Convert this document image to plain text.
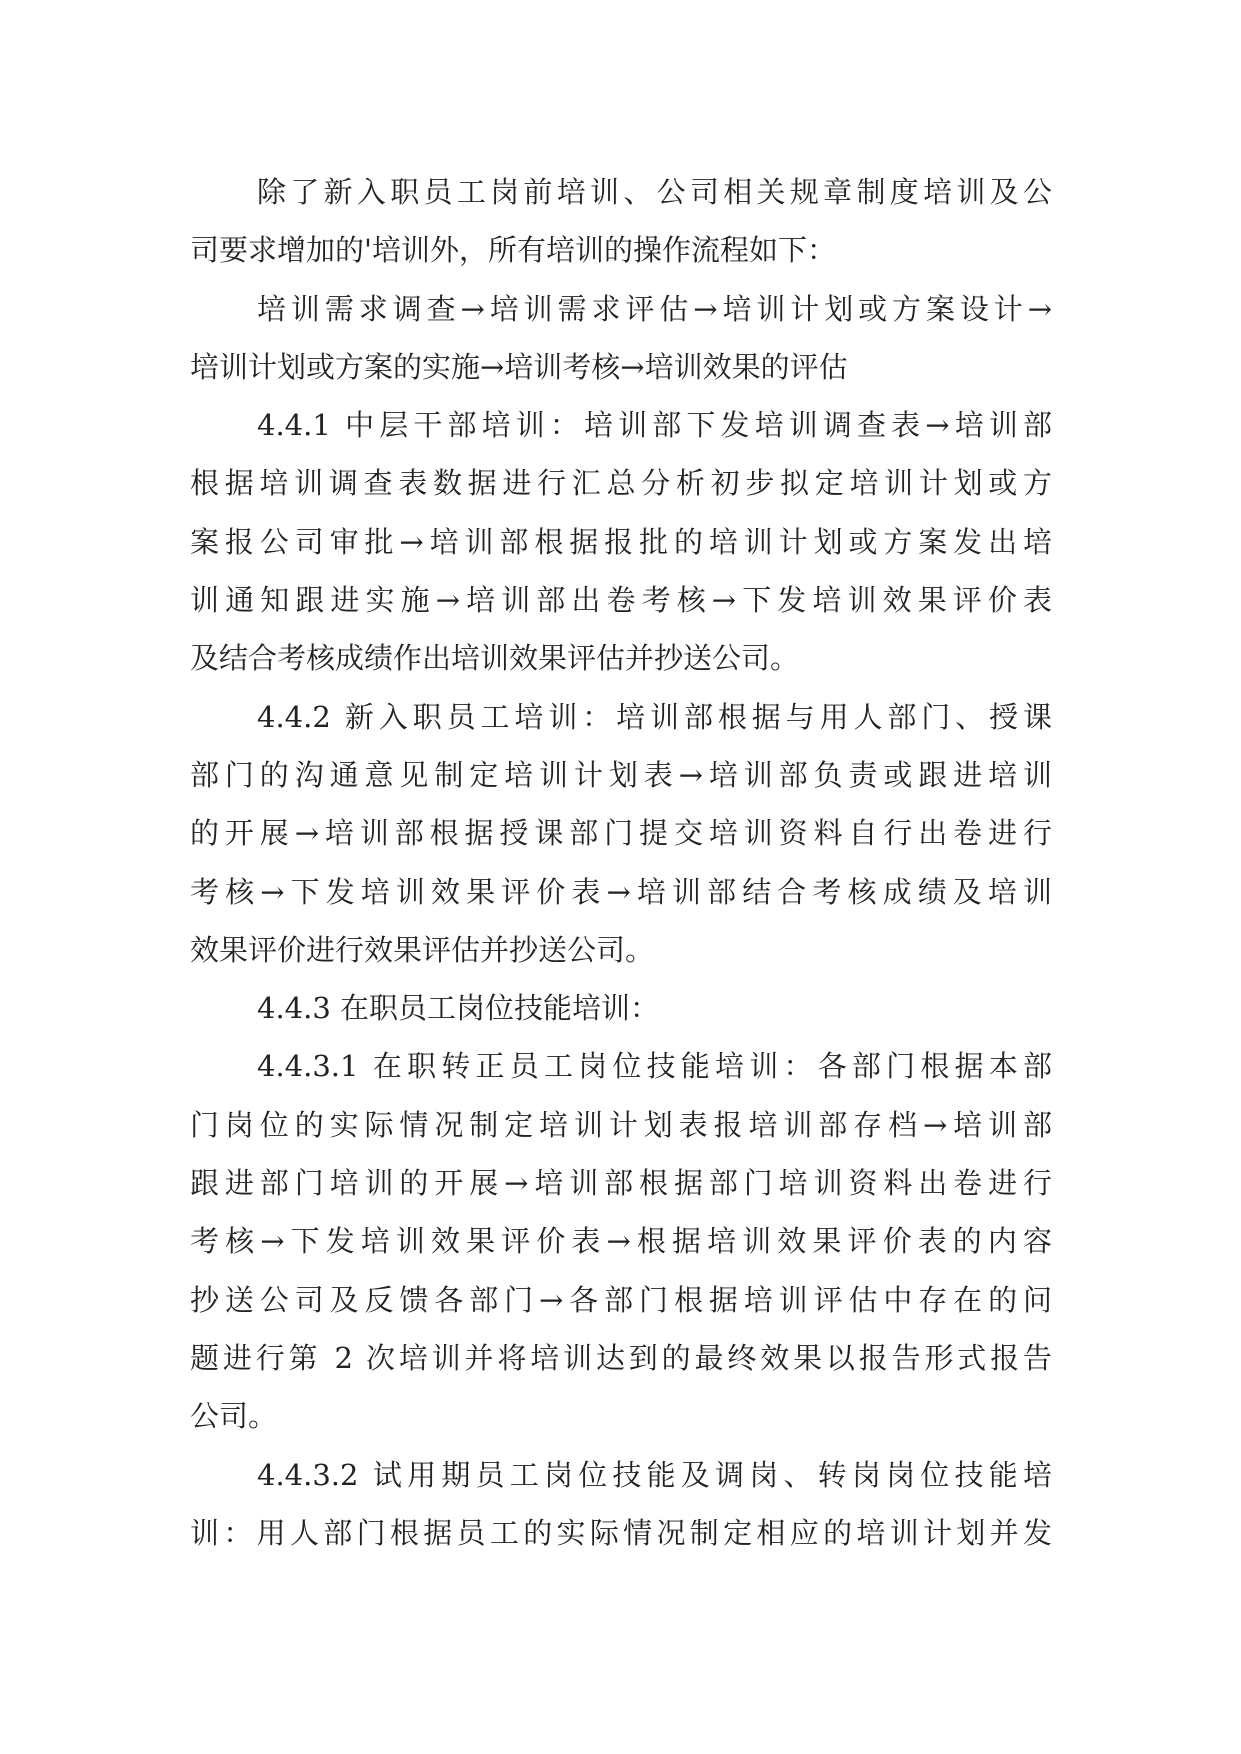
除了新入职员工岗前培训、公司相关规章制度培训及公
司要求增加的'培训外，所有培训的操作流程如下：
培训需求调查→培训需求评估→培训计划或方案设计→
培训计划或方案的实施→培训考核→培训效果的评估
4.4.1 中层干部培训：培训部下发培训调查表→培训部
根据培训调查表数据进行汇总分析初步拟定培训计划或方
案报公司审批→培训部根据报批的培训计划或方案发出培
训通知跟进实施→培训部出卷考核→下发培训效果评价表
及结合考核成绩作出培训效果评估并抄送公司。
4.4.2 新入职员工培训：培训部根据与用人部门、授课
部门的沟通意见制定培训计划表→培训部负责或跟进培训
的开展→培训部根据授课部门提交培训资料自行出卷进行
考核→下发培训效果评价表→培训部结合考核成绩及培训
效果评价进行效果评估并抄送公司。
4.4.3 在职员工岗位技能培训：
4.4.3.1 在职转正员工岗位技能培训：各部门根据本部
门岗位的实际情况制定培训计划表报培训部存档→培训部
跟进部门培训的开展→培训部根据部门培训资料出卷进行
考核→下发培训效果评价表→根据培训效果评价表的内容
抄送公司及反馈各部门→各部门根据培训评估中存在的问
题进行第 2 次培训并将培训达到的最终效果以报告形式报告
公司。
4.4.3.2 试用期员工岗位技能及调岗、转岗岗位技能培
训：用人部门根据员工的实际情况制定相应的培训计划并发
